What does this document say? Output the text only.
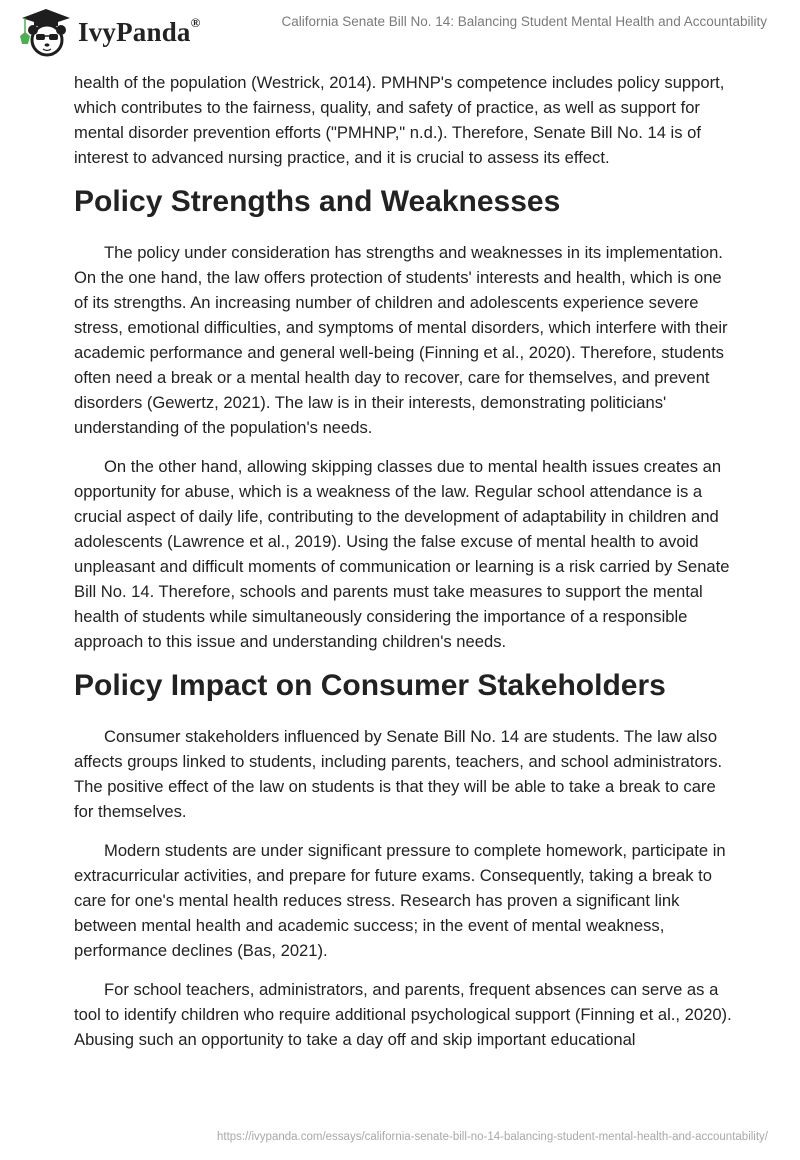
IvyPanda®	California Senate Bill No. 14: Balancing Student Mental Health and Accountability

health of the population (Westrick, 2014). PMHNP's competence includes policy support, which contributes to the fairness, quality, and safety of practice, as well as support for mental disorder prevention efforts ("PMHNP," n.d.). Therefore, Senate Bill No. 14 is of interest to advanced nursing practice, and it is crucial to assess its effect.

Policy Strengths and Weaknesses

The policy under consideration has strengths and weaknesses in its implementation. On the one hand, the law offers protection of students' interests and health, which is one of its strengths. An increasing number of children and adolescents experience severe stress, emotional difficulties, and symptoms of mental disorders, which interfere with their academic performance and general well-being (Finning et al., 2020). Therefore, students often need a break or a mental health day to recover, care for themselves, and prevent disorders (Gewertz, 2021). The law is in their interests, demonstrating politicians' understanding of the population's needs.

On the other hand, allowing skipping classes due to mental health issues creates an opportunity for abuse, which is a weakness of the law. Regular school attendance is a crucial aspect of daily life, contributing to the development of adaptability in children and adolescents (Lawrence et al., 2019). Using the false excuse of mental health to avoid unpleasant and difficult moments of communication or learning is a risk carried by Senate Bill No. 14. Therefore, schools and parents must take measures to support the mental health of students while simultaneously considering the importance of a responsible approach to this issue and understanding children's needs.

Policy Impact on Consumer Stakeholders

Consumer stakeholders influenced by Senate Bill No. 14 are students. The law also affects groups linked to students, including parents, teachers, and school administrators. The positive effect of the law on students is that they will be able to take a break to care for themselves.

Modern students are under significant pressure to complete homework, participate in extracurricular activities, and prepare for future exams. Consequently, taking a break to care for one's mental health reduces stress. Research has proven a significant link between mental health and academic success; in the event of mental weakness, performance declines (Bas, 2021).

For school teachers, administrators, and parents, frequent absences can serve as a tool to identify children who require additional psychological support (Finning et al., 2020). Abusing such an opportunity to take a day off and skip important educational

https://ivypanda.com/essays/california-senate-bill-no-14-balancing-student-mental-health-and-accountability/
